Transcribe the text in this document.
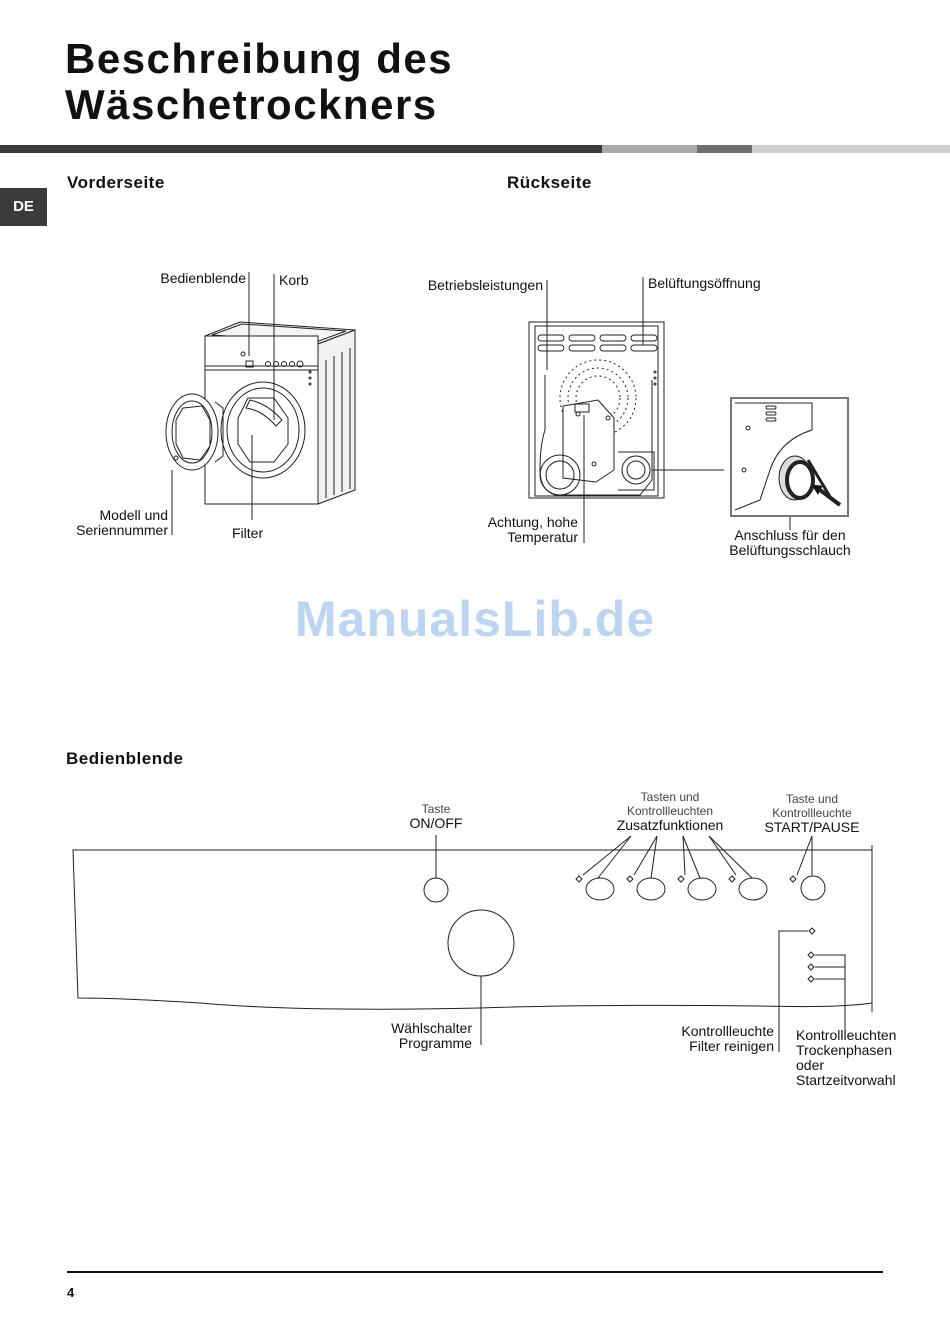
Beschreibung des
Wäschetrockners
DE
Vorderseite	Rückseite
Bedienblende
Bedienblende Korb
Modell und
Seriennummer	Filter
Betriebsleistungen	Belüftungsöffnung
Achtung, hohe
Temperatur	Anschluss für den
Belüftungsschlauch
ManualsLib.de
Taste
ON/OFF
Tasten und
Kontrollleuchten
Zusatzfunktionen
Taste und
Kontrollleuchte
START/PAUSE
Wählschalter
Programme
Kontrollleuchte
Filter reinigen
Kontrollleuchten
Trockenphasen
oder
Startzeitvorwahl
4
